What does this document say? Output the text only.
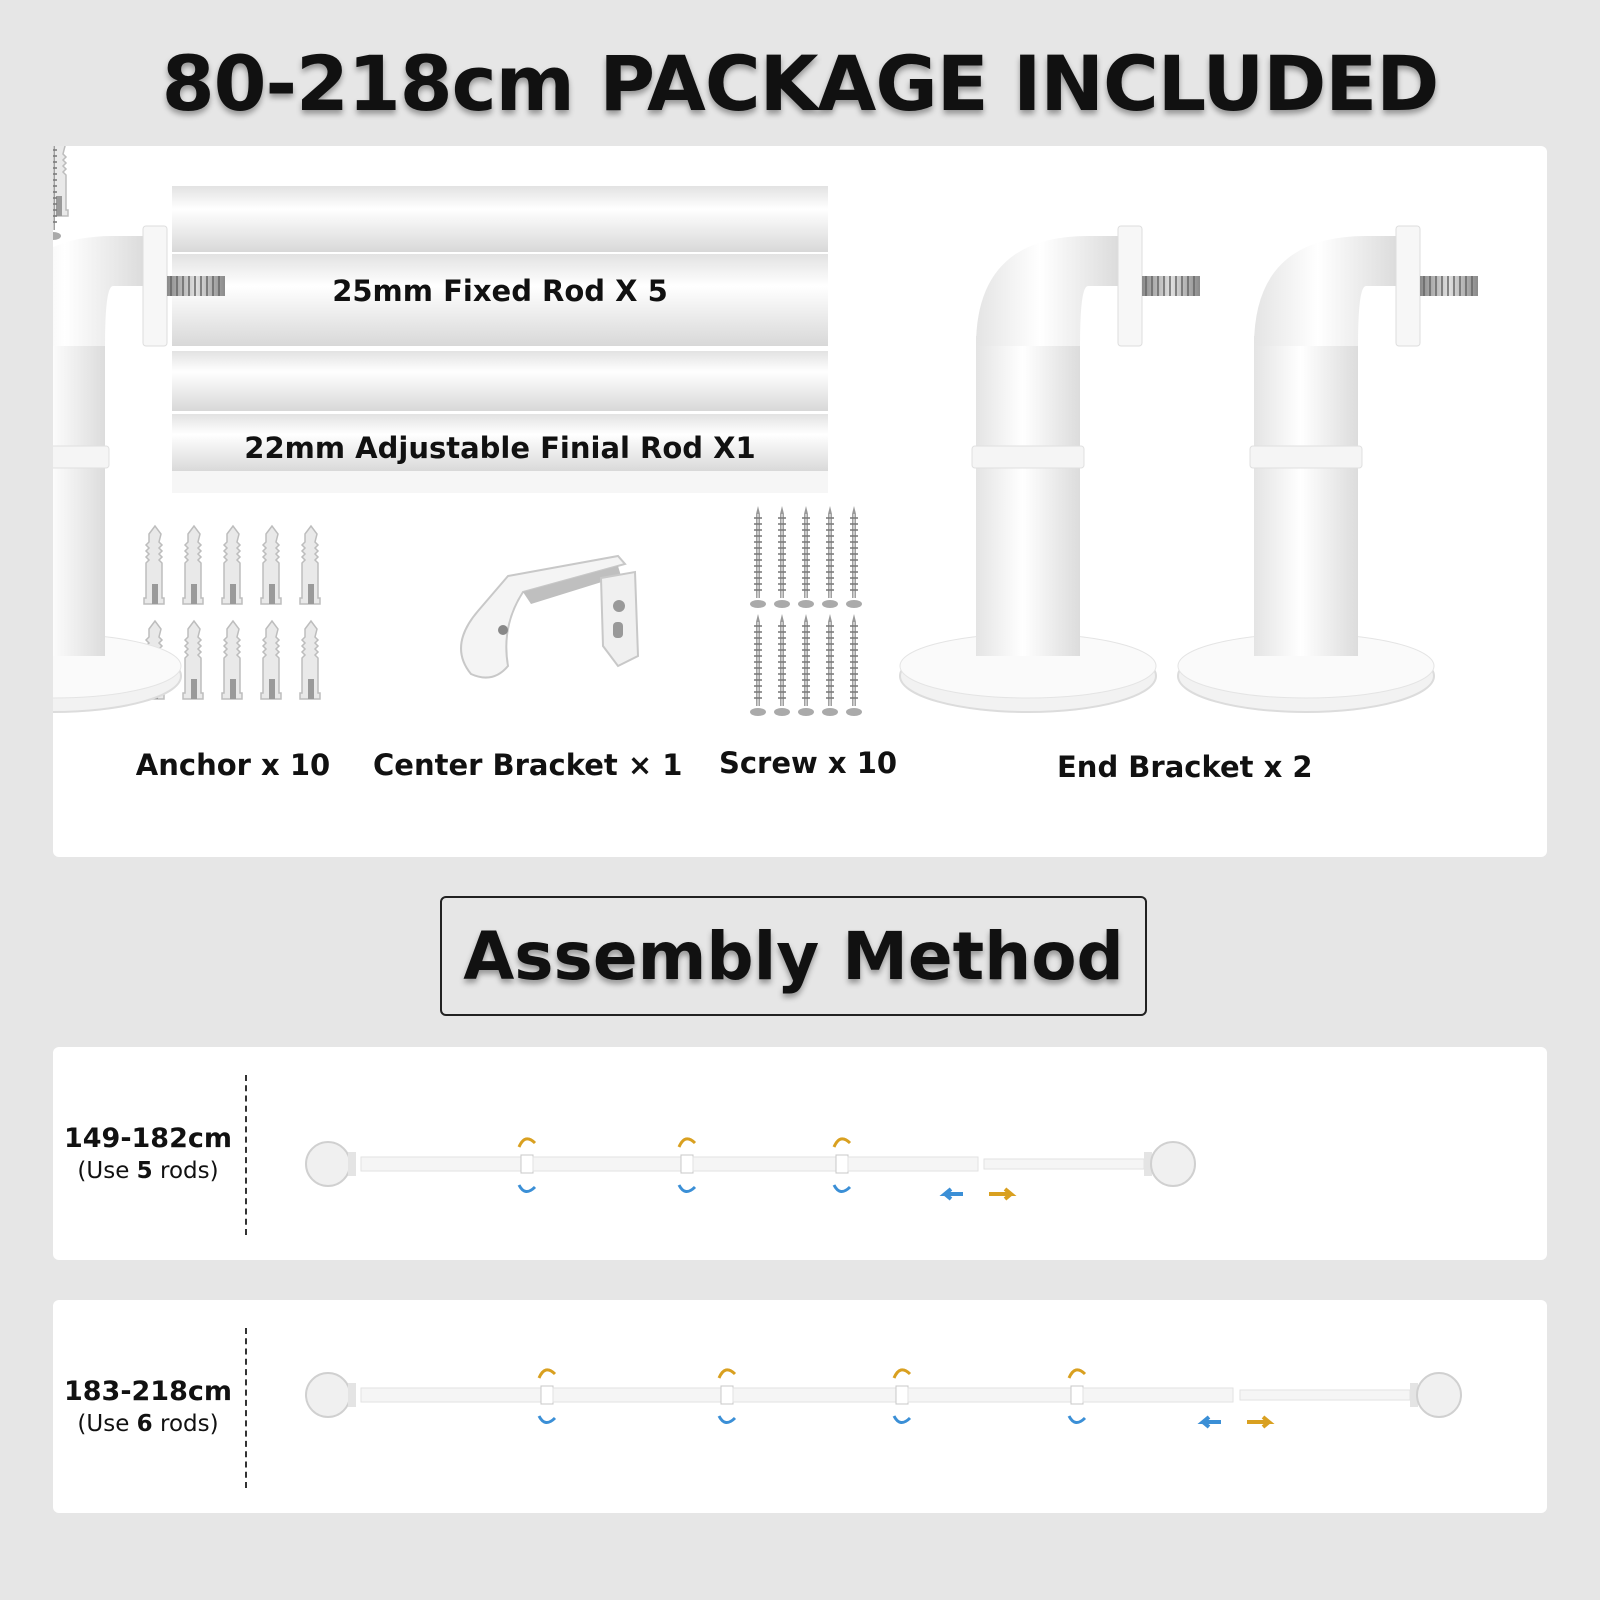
80-218cm PACKAGE INCLUDED
25mm Fixed Rod X 5
22mm Adjustable Finial Rod X1
Anchor x 10 Center Bracket × 1 Screw x 10	End Bracket x 2
Assembly Method
149-182cm
(Use 5 rods)
183-218cm
(Use 6 rods)
